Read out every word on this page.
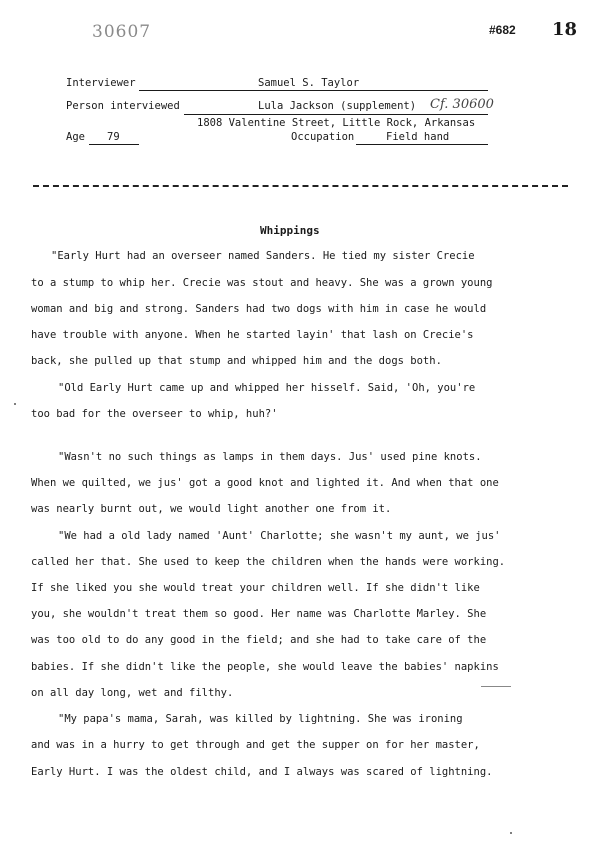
30607	#682 18
Interviewer	Samuel S. Taylor
Person interviewed	Lula Jackson (supplement) Cf. 30600
1808 Valentine Street, Little Rock, Arkansas
Age 79	Occupation	Field hand
Whippings
"Early Hurt had an overseer named Sanders. He tied my sister Crecie
to a stump to whip her. Crecie was stout and heavy. She was a grown young
woman and big and strong. Sanders had two dogs with him in case he would
have trouble with anyone. When he started layin' that lash on Crecie's
back, she pulled up that stump and whipped him and the dogs both.
"Old Early Hurt came up and whipped her hisself. Said, 'Oh, you're
too bad for the overseer to whip, huh?'
"Wasn't no such things as lamps in them days. Jus' used pine knots.
When we quilted, we jus' got a good knot and lighted it. And when that one
was nearly burnt out, we would light another one from it.
"We had a old lady named 'Aunt' Charlotte; she wasn't my aunt, we jus'
called her that. She used to keep the children when the hands were working.
If she liked you she would treat your children well. If she didn't like
you, she wouldn't treat them so good. Her name was Charlotte Marley. She
was too old to do any good in the field; and she had to take care of the
babies. If she didn't like the people, she would leave the babies' napkins
on all day long, wet and filthy.
"My papa's mama, Sarah, was killed by lightning. She was ironing
and was in a hurry to get through and get the supper on for her master,
Early Hurt. I was the oldest child, and I always was scared of lightning.
